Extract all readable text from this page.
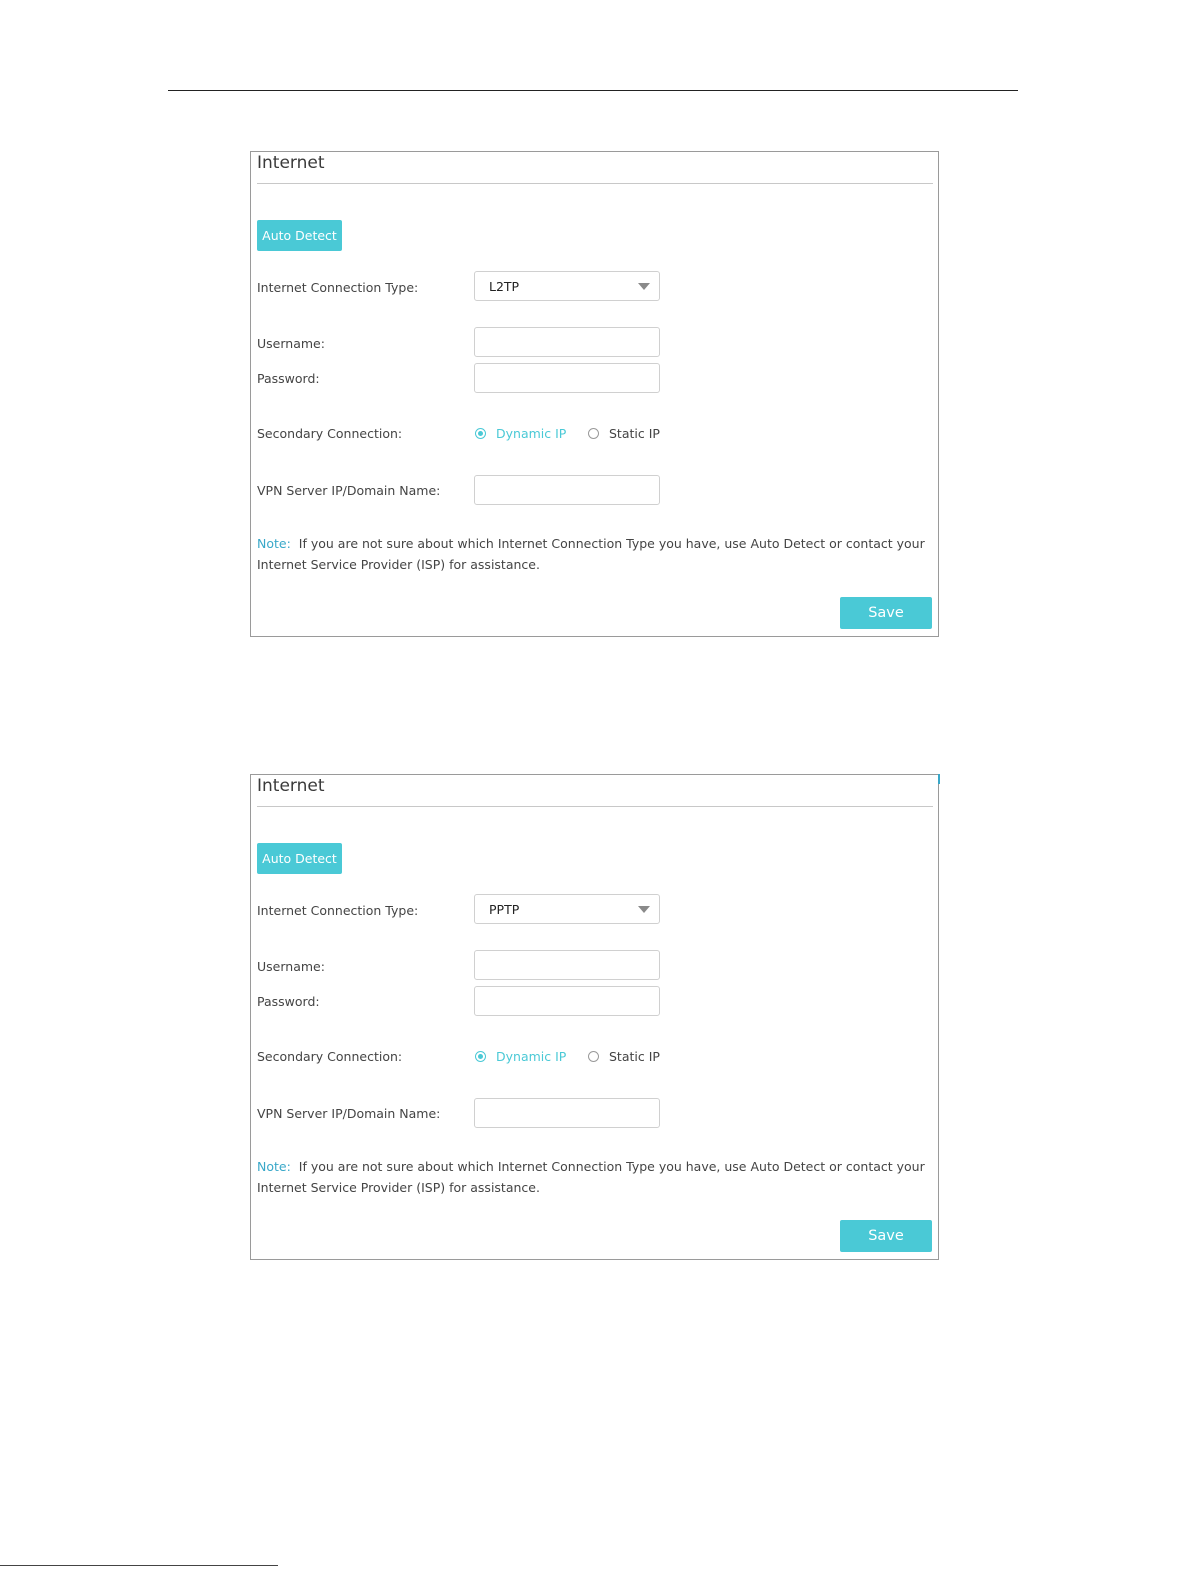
Internet
Auto Detect
Internet Connection Type:	L2TP
Username:
Password:
Secondary Connection:	Dynamic IP	Static IP
VPN Server IP/Domain Name:
Note: If you are not sure about which Internet Connection Type you have, use Auto Detect or contact your Internet Service Provider (ISP) for assistance.
Save
Internet
Auto Detect
Internet Connection Type:	PPTP
Username:
Password:
Secondary Connection:	Dynamic IP	Static IP
VPN Server IP/Domain Name:
Note: If you are not sure about which Internet Connection Type you have, use Auto Detect or contact your Internet Service Provider (ISP) for assistance.
Save
